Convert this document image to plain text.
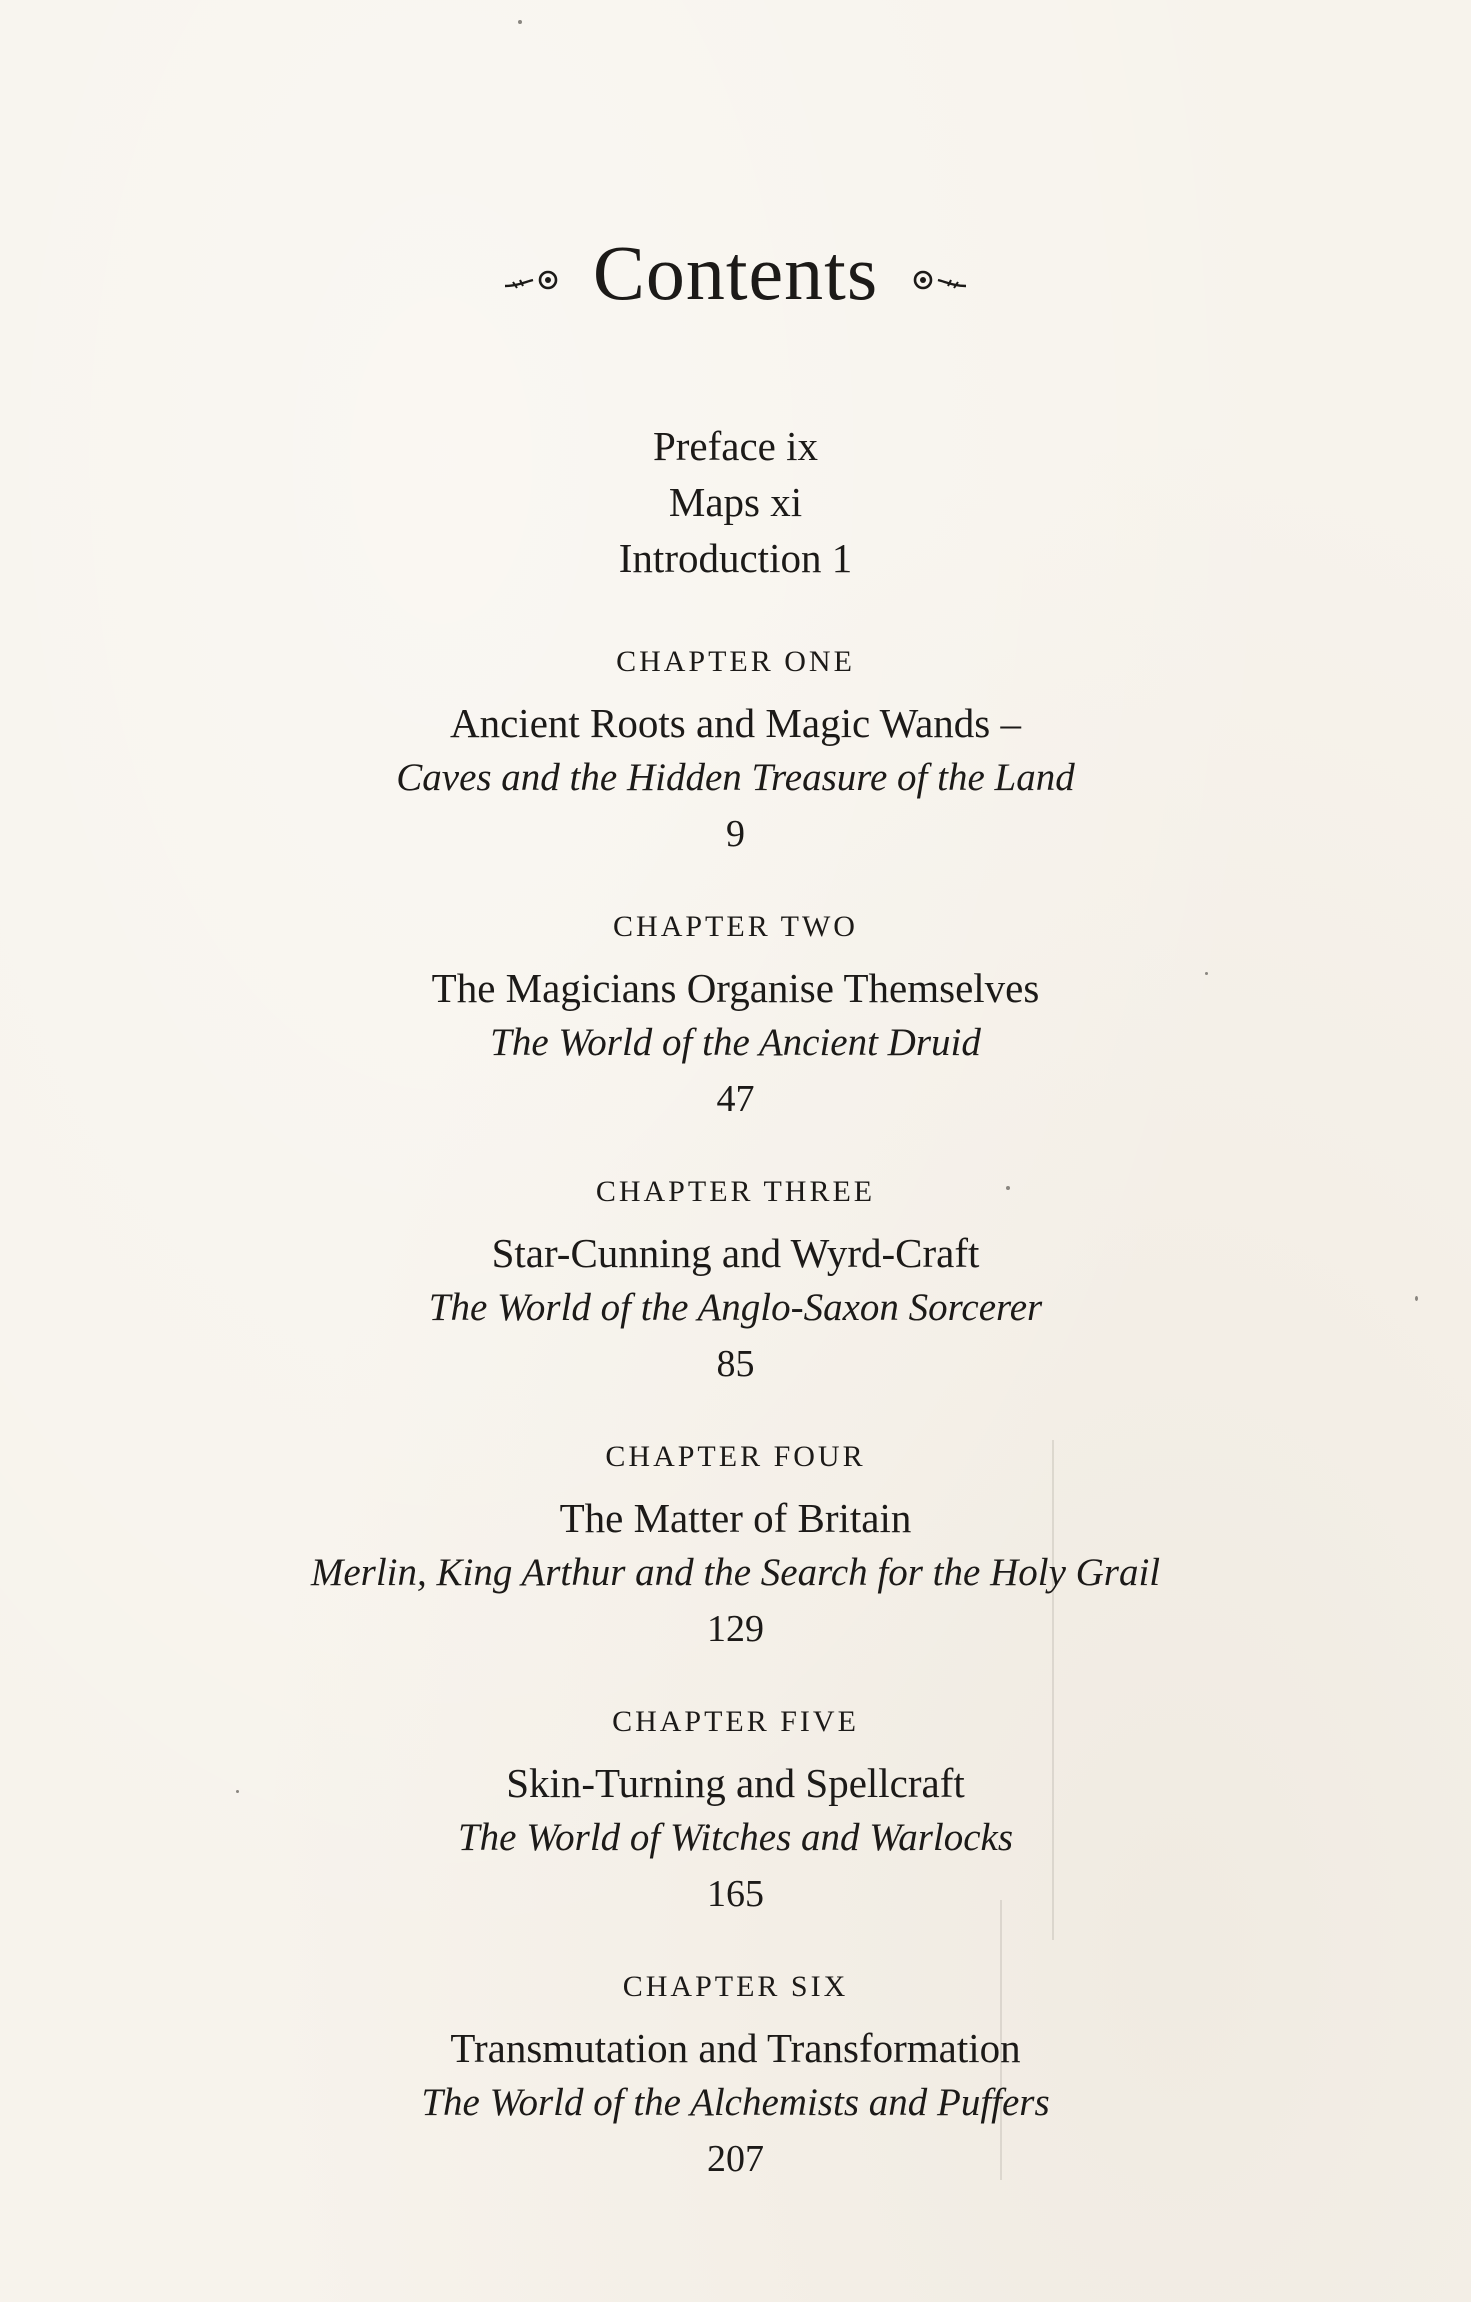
Contents
Preface ix
Maps xi
Introduction 1
CHAPTER ONE
Ancient Roots and Magic Wands –
Caves and the Hidden Treasure of the Land
9
CHAPTER TWO
The Magicians Organise Themselves
The World of the Ancient Druid
47
CHAPTER THREE
Star-Cunning and Wyrd-Craft
The World of the Anglo-Saxon Sorcerer
85
CHAPTER FOUR
The Matter of Britain
Merlin, King Arthur and the Search for the Holy Grail
129
CHAPTER FIVE
Skin-Turning and Spellcraft
The World of Witches and Warlocks
165
CHAPTER SIX
Transmutation and Transformation
The World of the Alchemists and Puffers
207
